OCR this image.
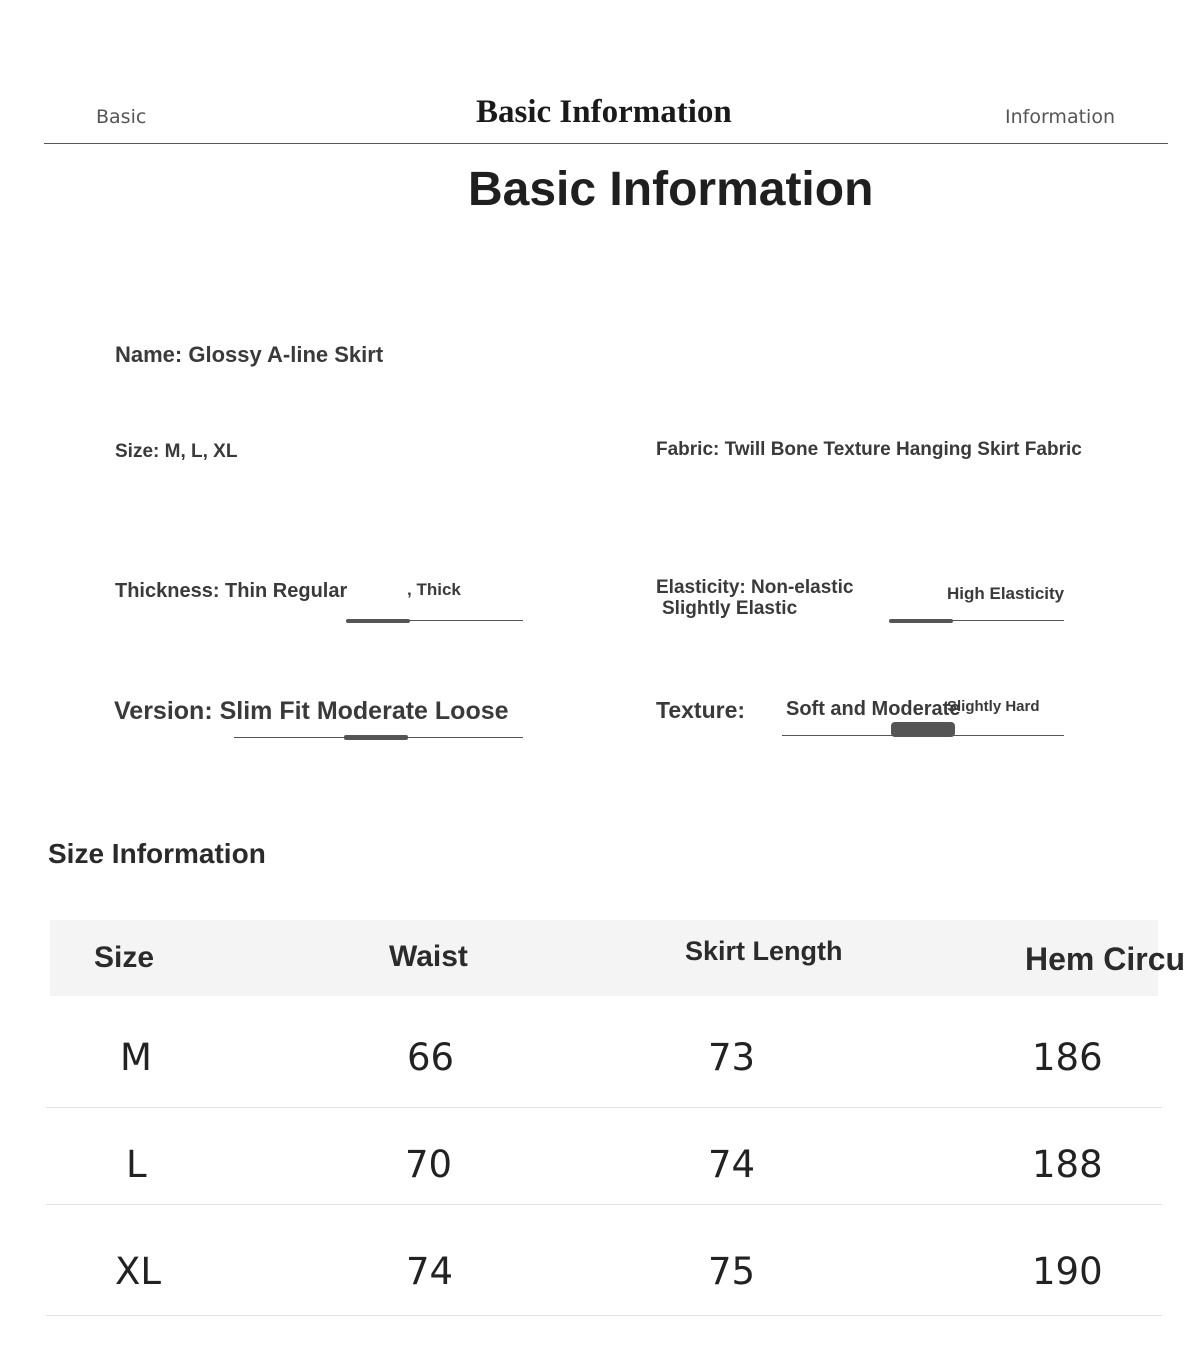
Basic	Basic Information	Information
Basic Information
Name: Glossy A-line Skirt
Size: M, L, XL	Fabric: Twill Bone Texture Hanging Skirt Fabric
Thickness: Thin Regular	, Thick	Elasticity: Non-elastic
Slightly Elastic
High Elasticity
Version: Slim Fit Moderate Loose	Texture: Soft and Moderate
Slightly Hard
Size Information
Size	Waist	Skirt Length	Hem Circu
M	66	73	186
L	70	74	188
XL	74	75	190
